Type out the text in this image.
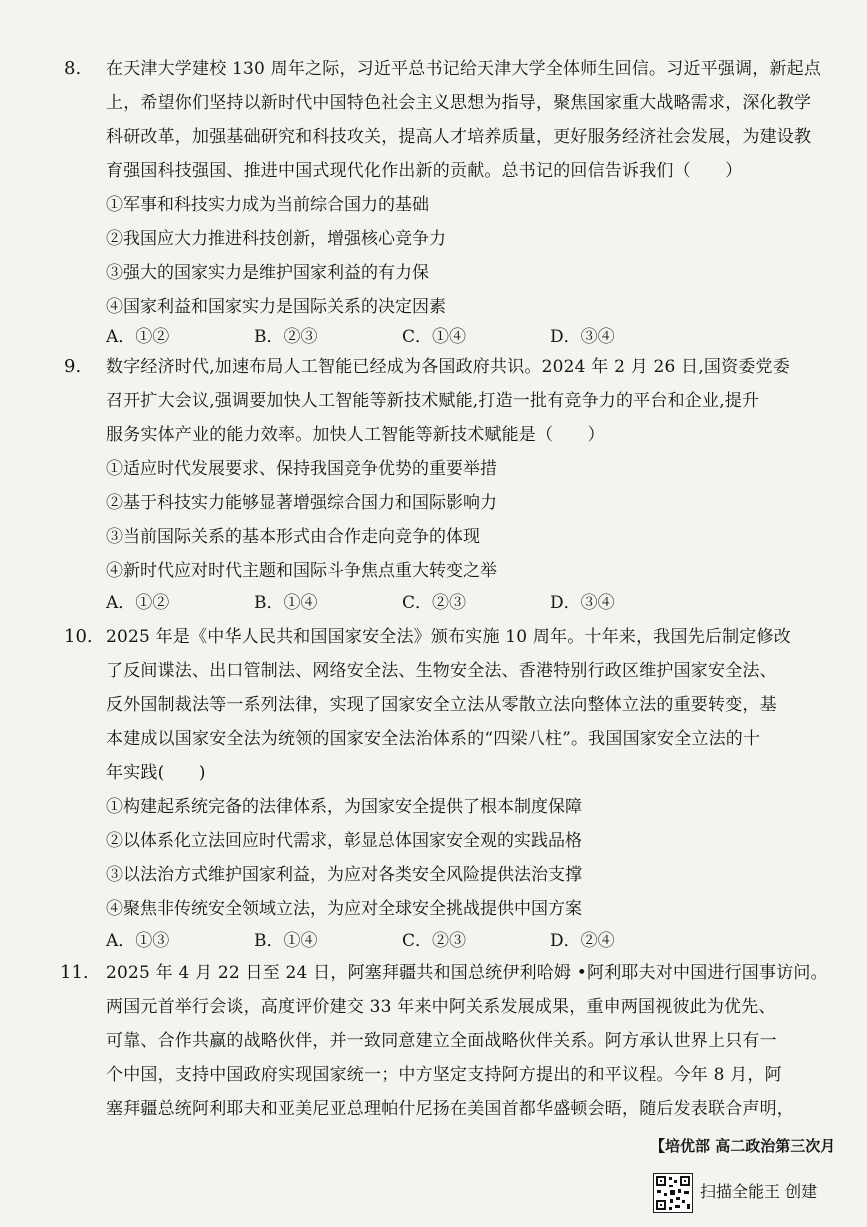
8. 在天津大学建校 130 周年之际，习近平总书记给天津大学全体师生回信。习近平强调，新起点
上，希望你们坚持以新时代中国特色社会主义思想为指导，聚焦国家重大战略需求，深化教学
科研改革，加强基础研究和科技攻关，提高人才培养质量，更好服务经济社会发展，为建设教
育强国科技强国、推进中国式现代化作出新的贡献。总书记的回信告诉我们（　　）
①军事和科技实力成为当前综合国力的基础
②我国应大力推进科技创新，增强核心竞争力
③强大的国家实力是维护国家利益的有力保
④国家利益和国家实力是国际关系的决定因素
A．①②	B．②③	C．①④	D．③④
9. 数字经济时代,加速布局人工智能已经成为各国政府共识。2024 年 2 月 26 日,国资委党委
召开扩大会议,强调要加快人工智能等新技术赋能,打造一批有竞争力的平台和企业,提升
服务实体产业的能力效率。加快人工智能等新技术赋能是（　　）
①适应时代发展要求、保持我国竞争优势的重要举措
②基于科技实力能够显著增强综合国力和国际影响力
③当前国际关系的基本形式由合作走向竞争的体现
④新时代应对时代主题和国际斗争焦点重大转变之举
A．①②	B．①④	C．②③	D．③④
10. 2025 年是《中华人民共和国国家安全法》颁布实施 10 周年。十年来，我国先后制定修改
了反间谍法、出口管制法、网络安全法、生物安全法、香港特别行政区维护国家安全法、
反外国制裁法等一系列法律，实现了国家安全立法从零散立法向整体立法的重要转变，基
本建成以国家安全法为统领的国家安全法治体系的“四梁八柱”。我国国家安全立法的十
年实践(　　)
①构建起系统完备的法律体系，为国家安全提供了根本制度保障
②以体系化立法回应时代需求，彰显总体国家安全观的实践品格
③以法治方式维护国家利益，为应对各类安全风险提供法治支撑
④聚焦非传统安全领域立法，为应对全球安全挑战提供中国方案
A．①③	B．①④	C．②③	D．②④
11. 2025 年 4 月 22 日至 24 日，阿塞拜疆共和国总统伊利哈姆 •阿利耶夫对中国进行国事访问。
两国元首举行会谈，高度评价建交 33 年来中阿关系发展成果，重申两国视彼此为优先、
可靠、合作共赢的战略伙伴，并一致同意建立全面战略伙伴关系。阿方承认世界上只有一
个中国，支持中国政府实现国家统一；中方坚定支持阿方提出的和平议程。今年 8 月，阿
塞拜疆总统阿利耶夫和亚美尼亚总理帕什尼扬在美国首都华盛顿会晤，随后发表联合声明，
【培优部 高二政治第三次月
扫描全能王 创建
